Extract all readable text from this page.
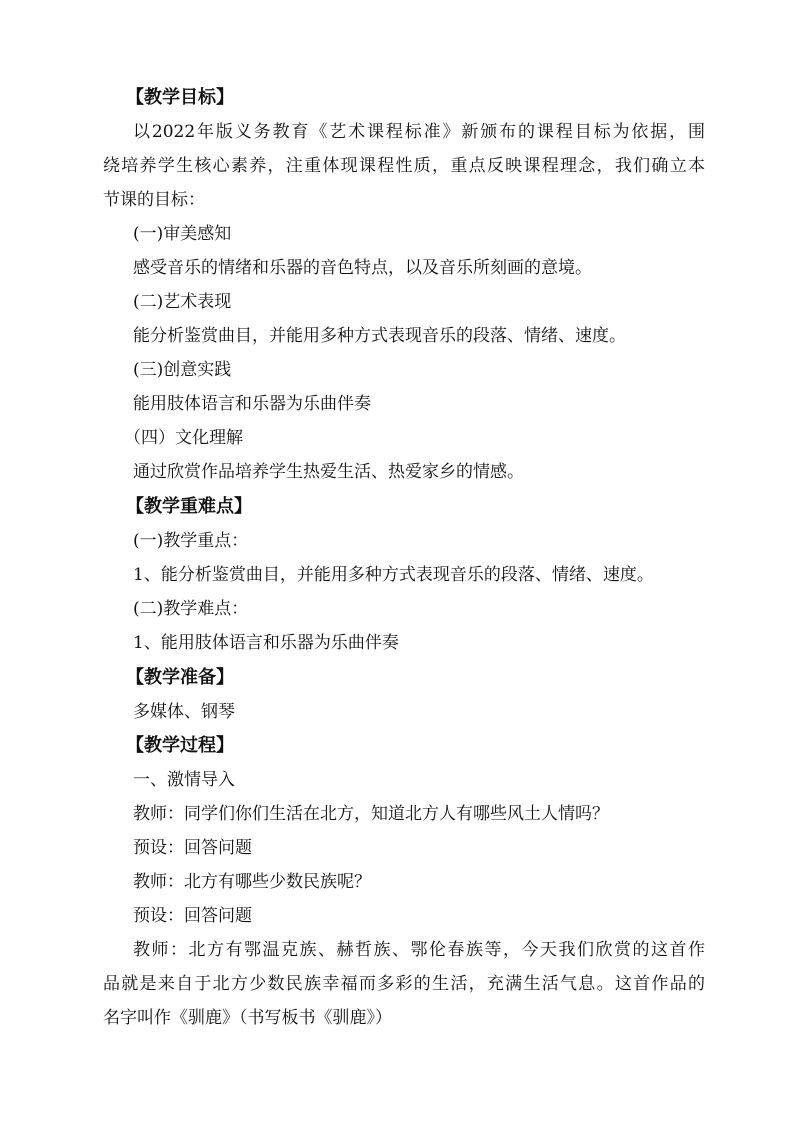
【教学目标】
以2022年版义务教育《艺术课程标准》新颁布的课程目标为依据，围
绕培养学生核心素养，注重体现课程性质，重点反映课程理念，我们确立本
节课的目标：
(一)审美感知
感受音乐的情绪和乐器的音色特点，以及音乐所刻画的意境。
(二)艺术表现
能分析鉴赏曲目，并能用多种方式表现音乐的段落、情绪、速度。
(三)创意实践
能用肢体语言和乐器为乐曲伴奏
（四）文化理解
通过欣赏作品培养学生热爱生活、热爱家乡的情感。
【教学重难点】
(一)教学重点：
1、能分析鉴赏曲目，并能用多种方式表现音乐的段落、情绪、速度。
(二)教学难点：
1、能用肢体语言和乐器为乐曲伴奏
【教学准备】
多媒体、钢琴
【教学过程】
一、激情导入
教师：同学们你们生活在北方，知道北方人有哪些风土人情吗？
预设：回答问题
教师：北方有哪些少数民族呢？
预设：回答问题
教师：北方有鄂温克族、赫哲族、鄂伦春族等，今天我们欣赏的这首作
品就是来自于北方少数民族幸福而多彩的生活，充满生活气息。这首作品的
名字叫作《驯鹿》（书写板书《驯鹿》）
